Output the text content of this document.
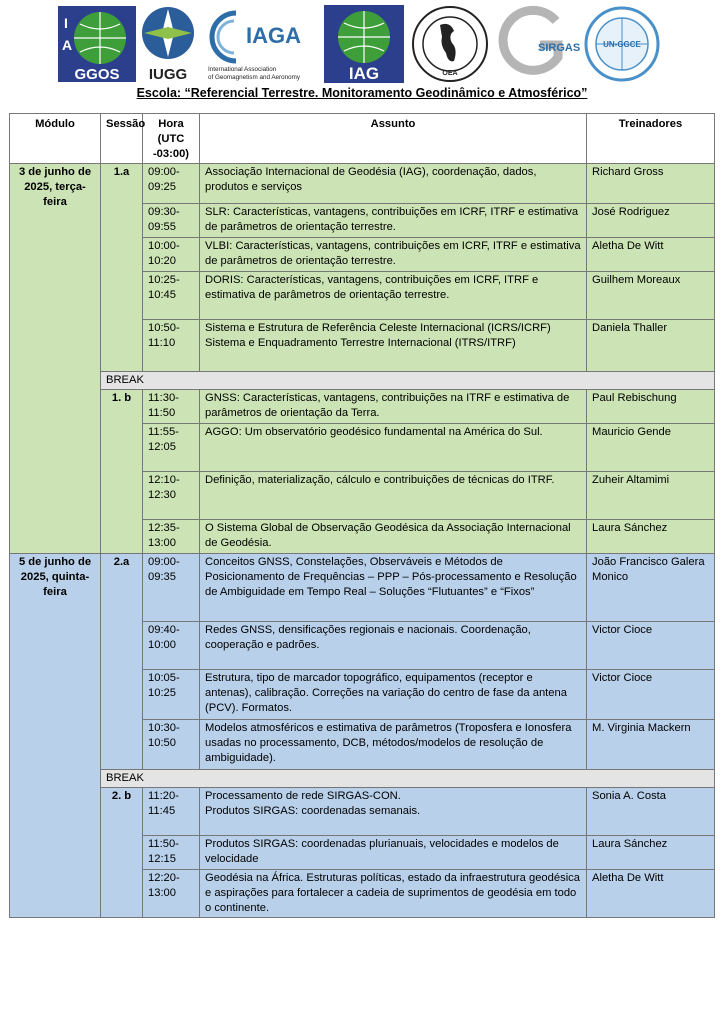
I
A
GGOS IUGG
IAGA
International Association
of Geomagnetism and Aeronomy	IAG	OEA
SIRGAS	UN-GGCE
Escola: “Referencial Terrestre. Monitoramento Geodinâmico e Atmosférico”
Módulo	Sessão	Hora (UTC -03:00)	Assunto	Treinadores
3 de junho de 2025, terça-feira	1.a	09:00-09:25	Associação Internacional de Geodésia (IAG), coordenação, dados, produtos e serviços	Richard Gross
		09:30-09:55	SLR: Características, vantagens, contribuições em ICRF, ITRF e estimativa de parâmetros de orientação terrestre.	José Rodriguez
		10:00-10:20	VLBI: Características, vantagens, contribuições em ICRF, ITRF e estimativa de parâmetros de orientação terrestre.	Aletha De Witt
		10:25-10:45	DORIS: Características, vantagens, contribuições em ICRF, ITRF e estimativa de parâmetros de orientação terrestre.	Guilhem Moreaux
		10:50-11:10	Sistema e Estrutura de Referência Celeste Internacional (ICRS/ICRF)
Sistema e Enquadramento Terrestre Internacional (ITRS/ITRF)	Daniela Thaller
	BREAK			
	1. b	11:30-11:50	GNSS: Características, vantagens, contribuições na ITRF e estimativa de parâmetros de orientação da Terra.	Paul Rebischung
		11:55-12:05	AGGO: Um observatório geodésico fundamental na América do Sul.	Mauricio Gende
		12:10-12:30	Definição, materialização, cálculo e contribuições de técnicas do ITRF.	Zuheir Altamimi
		12:35-13:00	O Sistema Global de Observação Geodésica da Associação Internacional de Geodésia.	Laura Sánchez
5 de junho de 2025, quinta-feira	2.a	09:00-09:35	Conceitos GNSS, Constelações, Observáveis e Métodos de Posicionamento de Frequências – PPP – Pós-processamento e Resolução de Ambiguidade em Tempo Real – Soluções “Flutuantes” e “Fixos”	João Francisco Galera Monico
		09:40-10:00	Redes GNSS, densificações regionais e nacionais. Coordenação, cooperação e padrões.	Victor Cioce
		10:05-10:25	Estrutura, tipo de marcador topográfico, equipamentos (receptor e antenas), calibração. Correções na variação do centro de fase da antena (PCV). Formatos.	Victor Cioce
		10:30-10:50	Modelos atmosféricos e estimativa de parâmetros (Troposfera e Ionosfera usadas no processamento, DCB, métodos/modelos de resolução de ambiguidade).	M. Virginia Mackern
	BREAK			
	2. b	11:20-11:45	Processamento de rede SIRGAS-CON.
Produtos SIRGAS: coordenadas semanais.	Sonia A. Costa
		11:50-12:15	Produtos SIRGAS: coordenadas plurianuais, velocidades e modelos de velocidade	Laura Sánchez
		12:20-13:00	Geodésia na África. Estruturas políticas, estado da infraestrutura geodésica e aspirações para fortalecer a cadeia de suprimentos de geodésia em todo o continente.	Aletha De Witt
